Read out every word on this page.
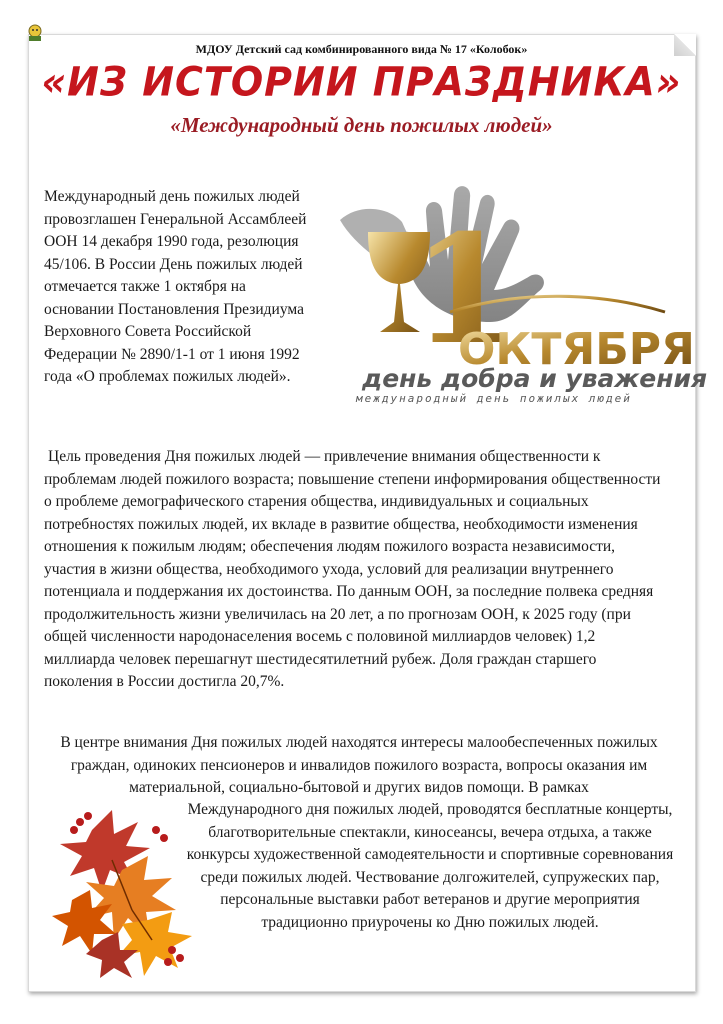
МДОУ Детский сад комбинированного вида № 17 «Колобок»
«ИЗ ИСТОРИИ ПРАЗДНИКА»
«Международный день пожилых людей»
Международный день пожилых людей провозглашен Генеральной Ассамблеей ООН 14 декабря 1990 года, резолюция 45/106. В России День пожилых людей отмечается также 1 октября на основании Постановления Президиума Верховного Совета Российской Федерации № 2890/1-1 от 1 июня 1992 года «О проблемах пожилых людей». 1
ОКТЯБРЯ
день добра и уважения
международный день пожилых людей
Цель проведения Дня пожилых людей — привлечение внимания общественности к проблемам людей пожилого возраста; повышение степени информирования общественности о проблеме демографического старения общества, индивидуальных и социальных потребностях пожилых людей, их вкладе в развитие общества, необходимости изменения отношения к пожилым людям; обеспечения людям пожилого возраста независимости, участия в жизни общества, необходимого ухода, условий для реализации внутреннего потенциала и поддержания их достоинства. По данным ООН, за последние полвека средняя продолжительность жизни увеличилась на 20 лет, а по прогнозам ООН, к 2025 году (при общей численности народонаселения восемь с половиной миллиардов человек) 1,2 миллиарда человек перешагнут шестидесятилетний рубеж. Доля граждан старшего поколения в России достигла 20,7%.
В центре внимания Дня пожилых людей находятся интересы малообеспеченных пожилых граждан, одиноких пенсионеров и инвалидов пожилого возраста, вопросы оказания им материальной, социально-бытовой и других видов помощи. В рамках
Международного дня пожилых людей, проводятся бесплатные концерты, благотворительные спектакли, киносеансы, вечера отдыха, а также конкурсы художественной самодеятельности и спортивные соревнования среди пожилых людей. Чествование долгожителей, супружеских пар, персональные выставки работ ветеранов и другие мероприятия традиционно приурочены ко Дню пожилых людей.
